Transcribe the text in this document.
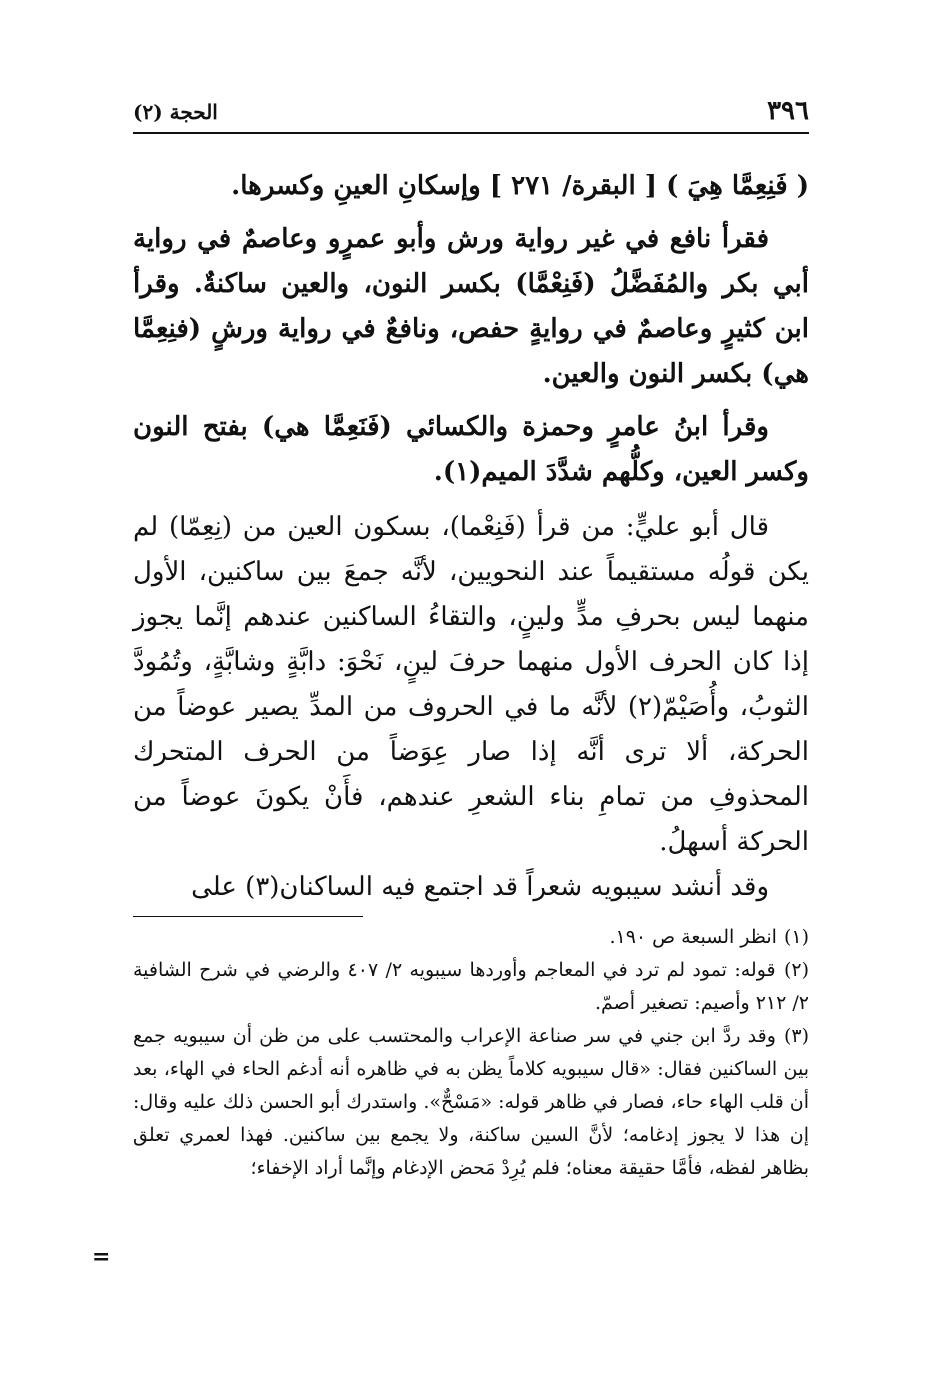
٣٩٦
الحجة (٢)

( فَنِعِمَّا هِيَ ) [ البقرة/ ٢٧١ ] وإسكانِ العينِ وكسرها.

فقرأ نافع في غير رواية ورش وأبو عمرٍو وعاصمٌ في رواية أبي بكر والمُفَضَّلُ (فَنِعْمَّا) بكسر النون، والعين ساكنةٌ. وقرأ ابن كثيرٍ وعاصمٌ في روايةٍ حفص، ونافعٌ في رواية ورشٍ (فنِعِمَّا هي) بكسر النون والعين.

وقرأ ابنُ عامرٍ وحمزة والكسائي (فَنَعِمَّا هي) بفتح النون وكسر العين، وكلُّهم شدَّدَ الميم(١).

قال أبو عليٍّ: من قرأ (فَنِعْما)، بسكون العين من (نِعِمّا) لم يكن قولُه مستقيماً عند النحويين، لأنَّه جمعَ بين ساكنين، الأول منهما ليس بحرفِ مدٍّ ولينٍ، والتقاءُ الساكنين عندهم إنَّما يجوز إذا كان الحرف الأول منهما حرفَ لينٍ، نَحْوَ: دابَّةٍ وشابَّةٍ، وتُمُودَّ الثوبُ، وأُصَيْمّ(٢) لأنَّه ما في الحروف من المدِّ يصير عوضاً من الحركة، ألا ترى أنَّه إذا صار عِوَضاً من الحرف المتحرك المحذوفِ من تمامِ بناء الشعرِ عندهم، فأَنْ يكونَ عوضاً من الحركة أسهلُ.

وقد أنشد سيبويه شعراً قد اجتمع فيه الساكنان(٣) على

(١) انظر السبعة ص ١٩٠.

(٢) قوله: تمود لم ترد في المعاجم وأوردها سيبويه ٢/ ٤٠٧ والرضي في شرح الشافية ٢/ ٢١٢ وأصيم: تصغير أصمّ.

(٣) وقد ردَّ ابن جني في سر صناعة الإعراب والمحتسب على من ظن أن سيبويه جمع بين الساكنين فقال: «قال سيبويه كلاماً يظن به في ظاهره أنه أدغم الحاء في الهاء، بعد أن قلب الهاء حاء، فصار في ظاهر قوله: «مَسْحٌّ». واستدرك أبو الحسن ذلك عليه وقال: إن هذا لا يجوز إدغامه؛ لأنَّ السين ساكنة، ولا يجمع بين ساكنين. فهذا لعمري تعلق بظاهر لفظه، فأمَّا حقيقة معناه؛ فلم يُرِدْ مَحض الإدغام وإنَّما أراد الإخفاء؛

=
